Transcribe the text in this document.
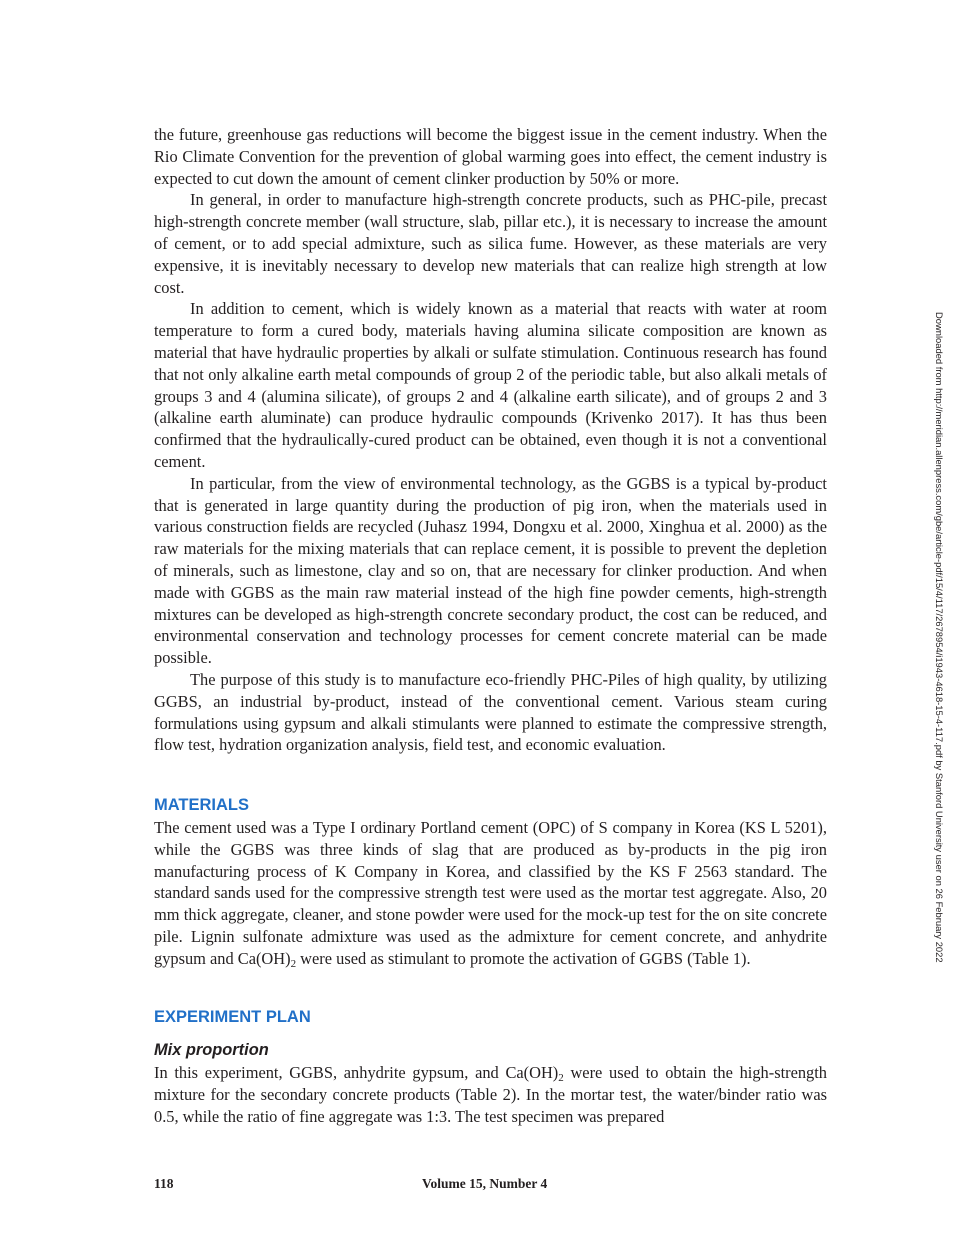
the future, greenhouse gas reductions will become the biggest issue in the cement industry. When the Rio Climate Convention for the prevention of global warming goes into effect, the cement industry is expected to cut down the amount of cement clinker production by 50% or more.

In general, in order to manufacture high-strength concrete products, such as PHC-pile, precast high-strength concrete member (wall structure, slab, pillar etc.), it is necessary to increase the amount of cement, or to add special admixture, such as silica fume. However, as these materials are very expensive, it is inevitably necessary to develop new materials that can realize high strength at low cost.

In addition to cement, which is widely known as a material that reacts with water at room temperature to form a cured body, materials having alumina silicate composition are known as material that have hydraulic properties by alkali or sulfate stimulation. Continuous research has found that not only alkaline earth metal compounds of group 2 of the periodic table, but also alkali metals of groups 3 and 4 (alumina silicate), of groups 2 and 4 (alkaline earth silicate), and of groups 2 and 3 (alkaline earth aluminate) can produce hydraulic compounds (Krivenko 2017). It has thus been confirmed that the hydraulically-cured product can be obtained, even though it is not a conventional cement.

In particular, from the view of environmental technology, as the GGBS is a typical by-product that is generated in large quantity during the production of pig iron, when the materials used in various construction fields are recycled (Juhasz 1994, Dongxu et al. 2000, Xinghua et al. 2000) as the raw materials for the mixing materials that can replace cement, it is possible to prevent the depletion of minerals, such as limestone, clay and so on, that are necessary for clinker production. And when made with GGBS as the main raw material instead of the high fine powder cements, high-strength mixtures can be developed as high-strength concrete secondary product, the cost can be reduced, and environmental conservation and technology processes for cement concrete material can be made possible.

The purpose of this study is to manufacture eco-friendly PHC-Piles of high quality, by utilizing GGBS, an industrial by-product, instead of the conventional cement. Various steam curing formulations using gypsum and alkali stimulants were planned to estimate the compressive strength, flow test, hydration organization analysis, field test, and economic evaluation.

MATERIALS

The cement used was a Type I ordinary Portland cement (OPC) of S company in Korea (KS L 5201), while the GGBS was three kinds of slag that are produced as by-products in the pig iron manufacturing process of K Company in Korea, and classified by the KS F 2563 standard. The standard sands used for the compressive strength test were used as the mortar test aggregate. Also, 20 mm thick aggregate, cleaner, and stone powder were used for the mock-up test for the on site concrete pile. Lignin sulfonate admixture was used as the admixture for cement concrete, and anhydrite gypsum and Ca(OH)2 were used as stimulant to promote the activation of GGBS (Table 1).

EXPERIMENT PLAN

Mix proportion

In this experiment, GGBS, anhydrite gypsum, and Ca(OH)2 were used to obtain the high-strength mixture for the secondary concrete products (Table 2). In the mortar test, the water/binder ratio was 0.5, while the ratio of fine aggregate was 1:3. The test specimen was prepared

118	Volume 15, Number 4
Downloaded from http://meridian.allenpress.com/gbe/article-pdf/15/4/117/2678954/i1943-4618-15-4-117.pdf by Stanford University user on 26 February 2022
